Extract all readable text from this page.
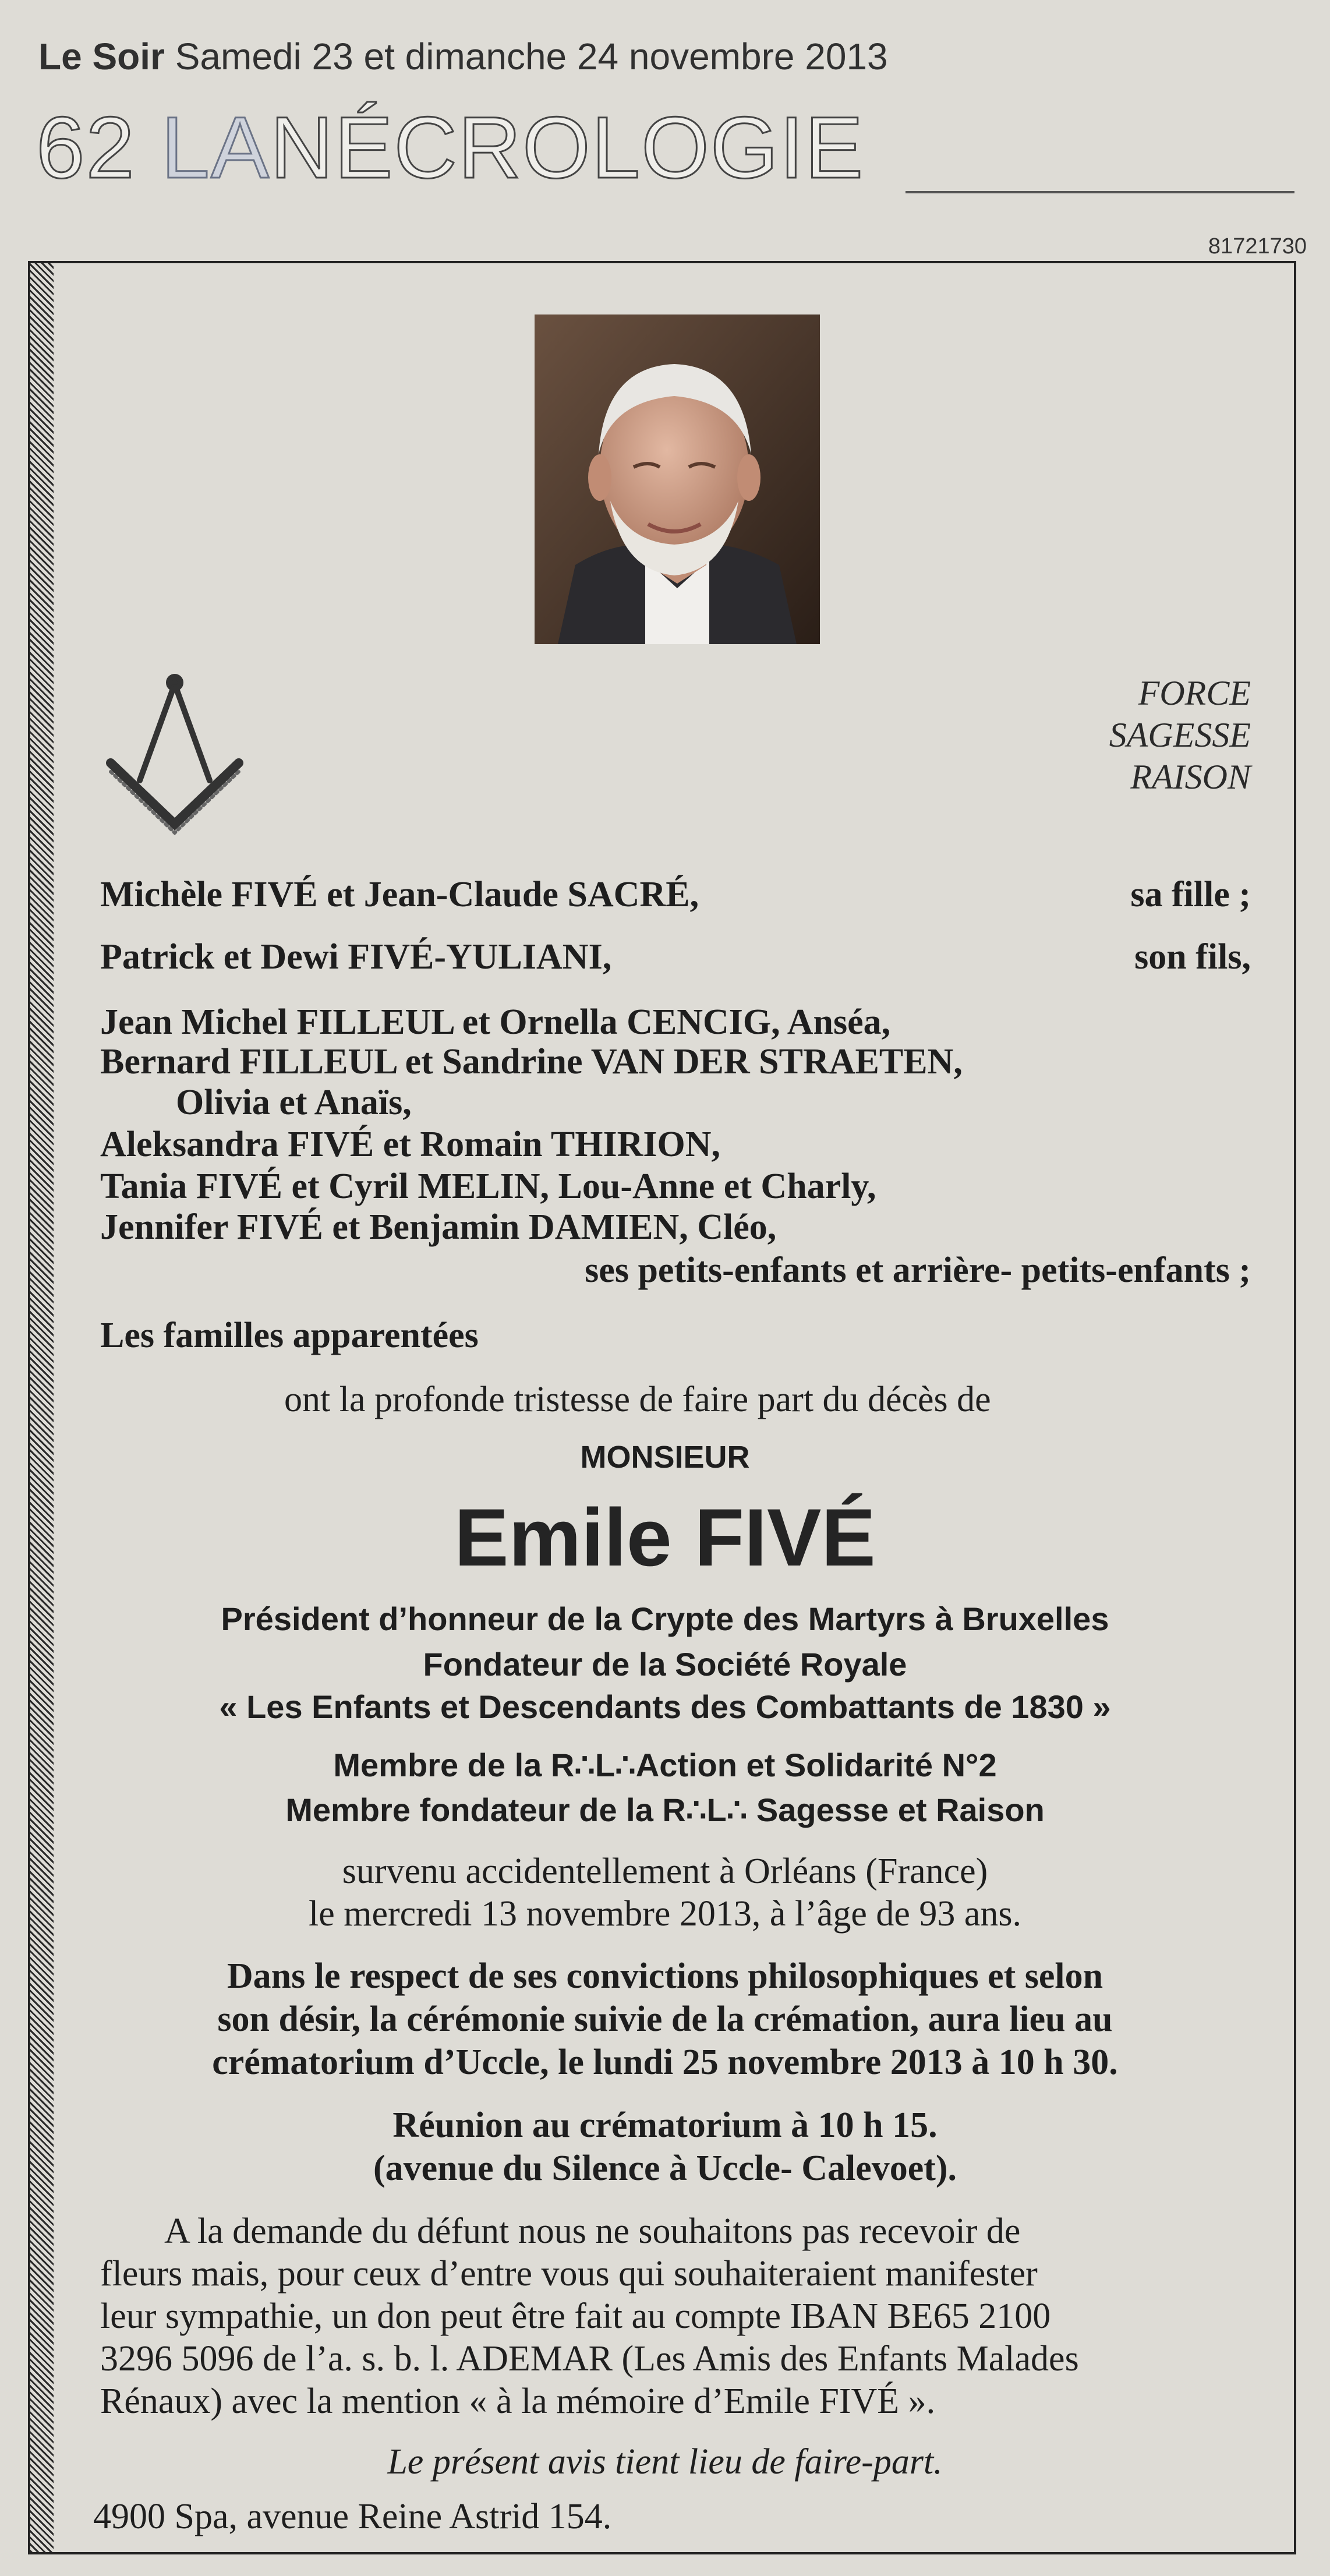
Le Soir Samedi 23 et dimanche 24 novembre 2013
62 LANÉCROLOGIE
81721730
FORCE
SAGESSE
RAISON
Michèle FIVÉ et Jean-Claude SACRÉ,	sa fille ;
Patrick et Dewi FIVÉ-YULIANI,	son fils,
Jean Michel FILLEUL et Ornella CENCIG, Anséa,
Bernard FILLEUL et Sandrine VAN DER STRAETEN,
Olivia et Anaïs,
Aleksandra FIVÉ et Romain THIRION,
Tania FIVÉ et Cyril MELIN, Lou-Anne et Charly,
Jennifer FIVÉ et Benjamin DAMIEN, Cléo,
ses petits-enfants et arrière- petits-enfants ;
Les familles apparentées
ont la profonde tristesse de faire part du décès de
MONSIEUR
Emile FIVÉ
Président d’honneur de la Crypte des Martyrs à Bruxelles
Fondateur de la Société Royale
« Les Enfants et Descendants des Combattants de 1830 »
Membre de la R∴L∴Action et Solidarité N°2
Membre fondateur de la R∴L∴ Sagesse et Raison
survenu accidentellement à Orléans (France)
le mercredi 13 novembre 2013, à l’âge de 93 ans.
Dans le respect de ses convictions philosophiques et selon
son désir, la cérémonie suivie de la crémation, aura lieu au
crématorium d’Uccle, le lundi 25 novembre 2013 à 10 h 30.
Réunion au crématorium à 10 h 15.
(avenue du Silence à Uccle- Calevoet).
A la demande du défunt nous ne souhaitons pas recevoir de
fleurs mais, pour ceux d’entre vous qui souhaiteraient manifester
leur sympathie, un don peut être fait au compte IBAN BE65 2100
3296 5096 de l’a. s. b. l. ADEMAR (Les Amis des Enfants Malades
Rénaux) avec la mention « à la mémoire d’Emile FIVÉ ».
Le présent avis tient lieu de faire-part.
4900 Spa, avenue Reine Astrid 154.
